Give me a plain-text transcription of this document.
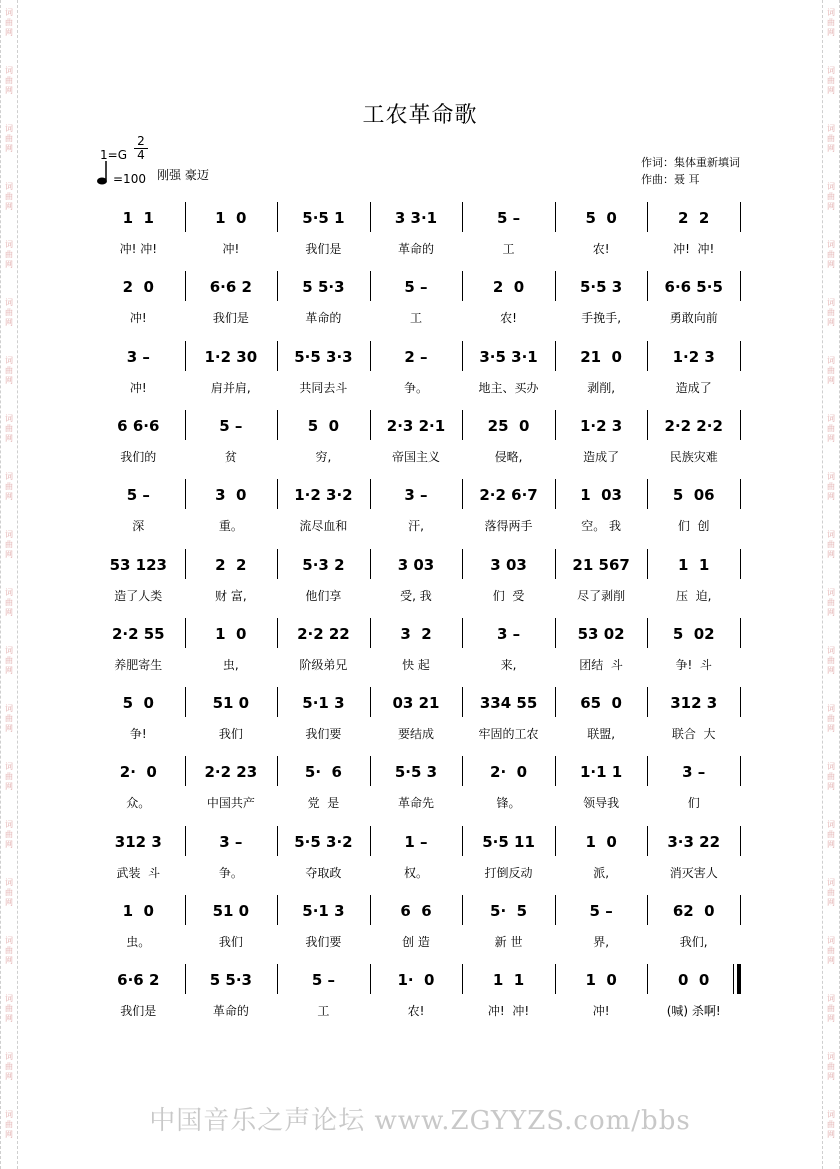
词
曲
网
词
曲
网
词
曲
网
词
曲
网
词
曲
网
词
曲
网
词
曲
网
词
曲
网
词
曲
网
词
曲
网
词
曲
网
词
曲
网
词
曲
网
词
曲
网
词
曲
网
词
曲
网
词
曲
网
词
曲
网
词
曲
网
词
曲
网
词
曲
网
词
曲
网
词
曲
网
词
曲
网
词
曲
网
词
曲
网
词
曲
网
词
曲
网
词
曲
网
词
曲
网
词
曲
网
词
曲
网
词
曲
网
词
曲
网
词
曲
网
词
曲
网
词
曲
网
词
曲
网
词
曲
网
词
曲
网
工农革命歌
$1=G \frac{2}{4}$
=100 刚强 豪迈
作词：集体重新填词
作曲：聂 耳
1  1
冲! 冲!
1  0
冲!
5·5 1
我们是
3 3·1
革命的
5 –
工
5  0
农!
2  2
冲!  冲!
2  0
冲!
6·6 2
我们是
5 5·3
革命的
5 –
工
2  0
农!
5·5 3
手挽手,
6·6 5·5
勇敢向前
3 –
冲!
1·2 30
肩并肩,
5·5 3·3
共同去斗
2 –
争。
3·5 3·1
地主、买办
21  0
剥削,
1·2 3
造成了
6 6·6
我们的
5 –
贫
5  0
穷,
2·3 2·1
帝国主义
25  0
侵略,
1·2 3
造成了
2·2 2·2
民族灾难
5 –
深
3  0
重。
1·2 3·2
流尽血和
3 –
汗,
2·2 6·7
落得两手
1  03
空。 我
5  06
们  创
53 123
造了人类
2  2
财 富,
5·3 2
他们享
3 03
受, 我
3 03
们  受
21 567
尽了剥削
1  1
压  迫,
2·2 55
养肥寄生
1  0
虫,
2·2 22
阶级弟兄
3  2
快 起
3 –
来,
53 02
团结  斗
5  02
争!  斗
5  0
争!
51 0
我们
5·1 3
我们要
03 21
要结成
334 55
牢固的工农
65  0
联盟,
312 3
联合  大
2·  0
众。
2·2 23
中国共产
5·  6
党  是
5·5 3
革命先
2·  0
锋。
1·1 1
领导我
3 –
们
312 3
武装  斗
3 –
争。
5·5 3·2
夺取政
1 –
权。
5·5 11
打倒反动
1  0
派,
3·3 22
消灭害人
1  0
虫。
51 0
我们
5·1 3
我们要
6  6
创 造
5·  5
新 世
5 –
界,
62  0
我们,
6·6 2
我们是
5 5·3
革命的
5 –
工
1·  0
农!
1  1
冲!  冲!
1  0
冲!
0  0
(喊) 杀啊!
中国音乐之声论坛 www.ZGYYZS.com/bbs
